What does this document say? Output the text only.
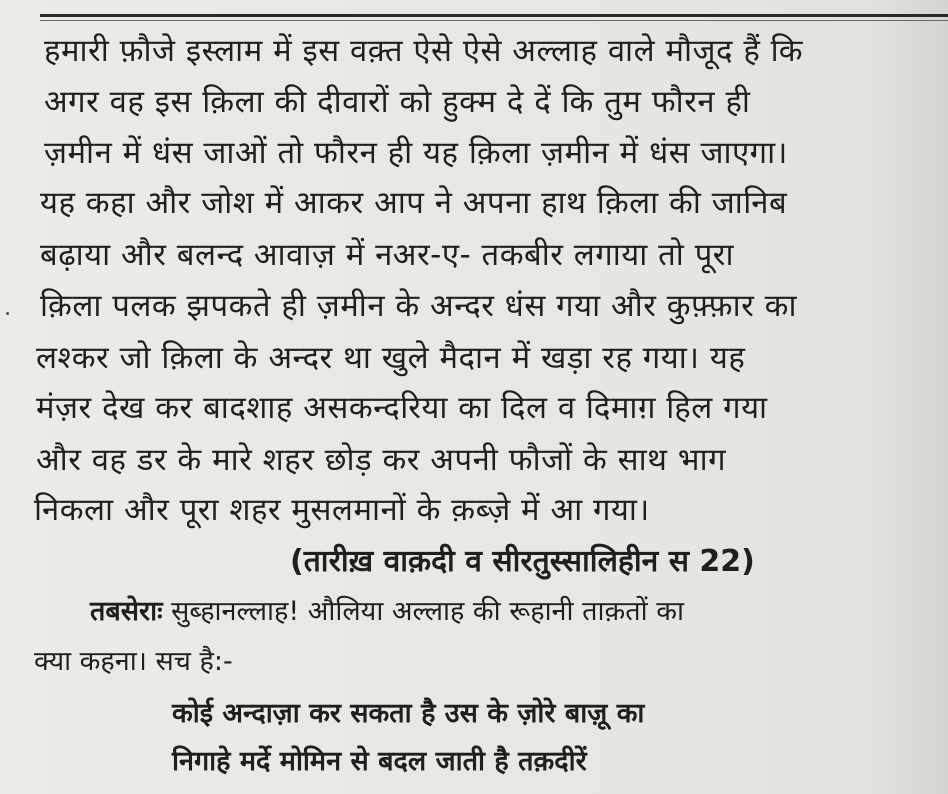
हमारी फ़ौजे इस्लाम में इस वक़्त ऐसे ऐसे अल्लाह वाले मौजूद हैं कि
अगर वह इस क़िला की दीवारों को हुक्म दे दें कि तुम फौरन ही
ज़मीन में धंस जाओं तो फौरन ही यह क़िला ज़मीन में धंस जाएगा।
यह कहा और जोश में आकर आप ने अपना हाथ क़िला की जानिब
बढ़ाया और बलन्द आवाज़ में नअर-ए- तकबीर लगाया तो पूरा
क़िला पलक झपकते ही ज़मीन के अन्दर धंस गया और कुफ़्फ़ार का
लश्कर जो क़िला के अन्दर था खुले मैदान में खड़ा रह गया। यह
मंज़र देख कर बादशाह असकन्दरिया का दिल व दिमाग़ हिल गया
और वह डर के मारे शहर छोड़ कर अपनी फौजों के साथ भाग
निकला और पूरा शहर मुसलमानों के क़ब्ज़े में आ गया।
(तारीख़ वाक़दी व सीरतुस्सालिहीन स 22)
तबसेराः सुब्हानल्लाह! औलिया अल्लाह की रूहानी ताक़तों का
क्या कहना। सच है:-
कोई अन्दाज़ा कर सकता है उस के ज़ोरे बाज़ू का
निगाहे मर्दे मोमिन से बदल जाती है तक़दीरें
